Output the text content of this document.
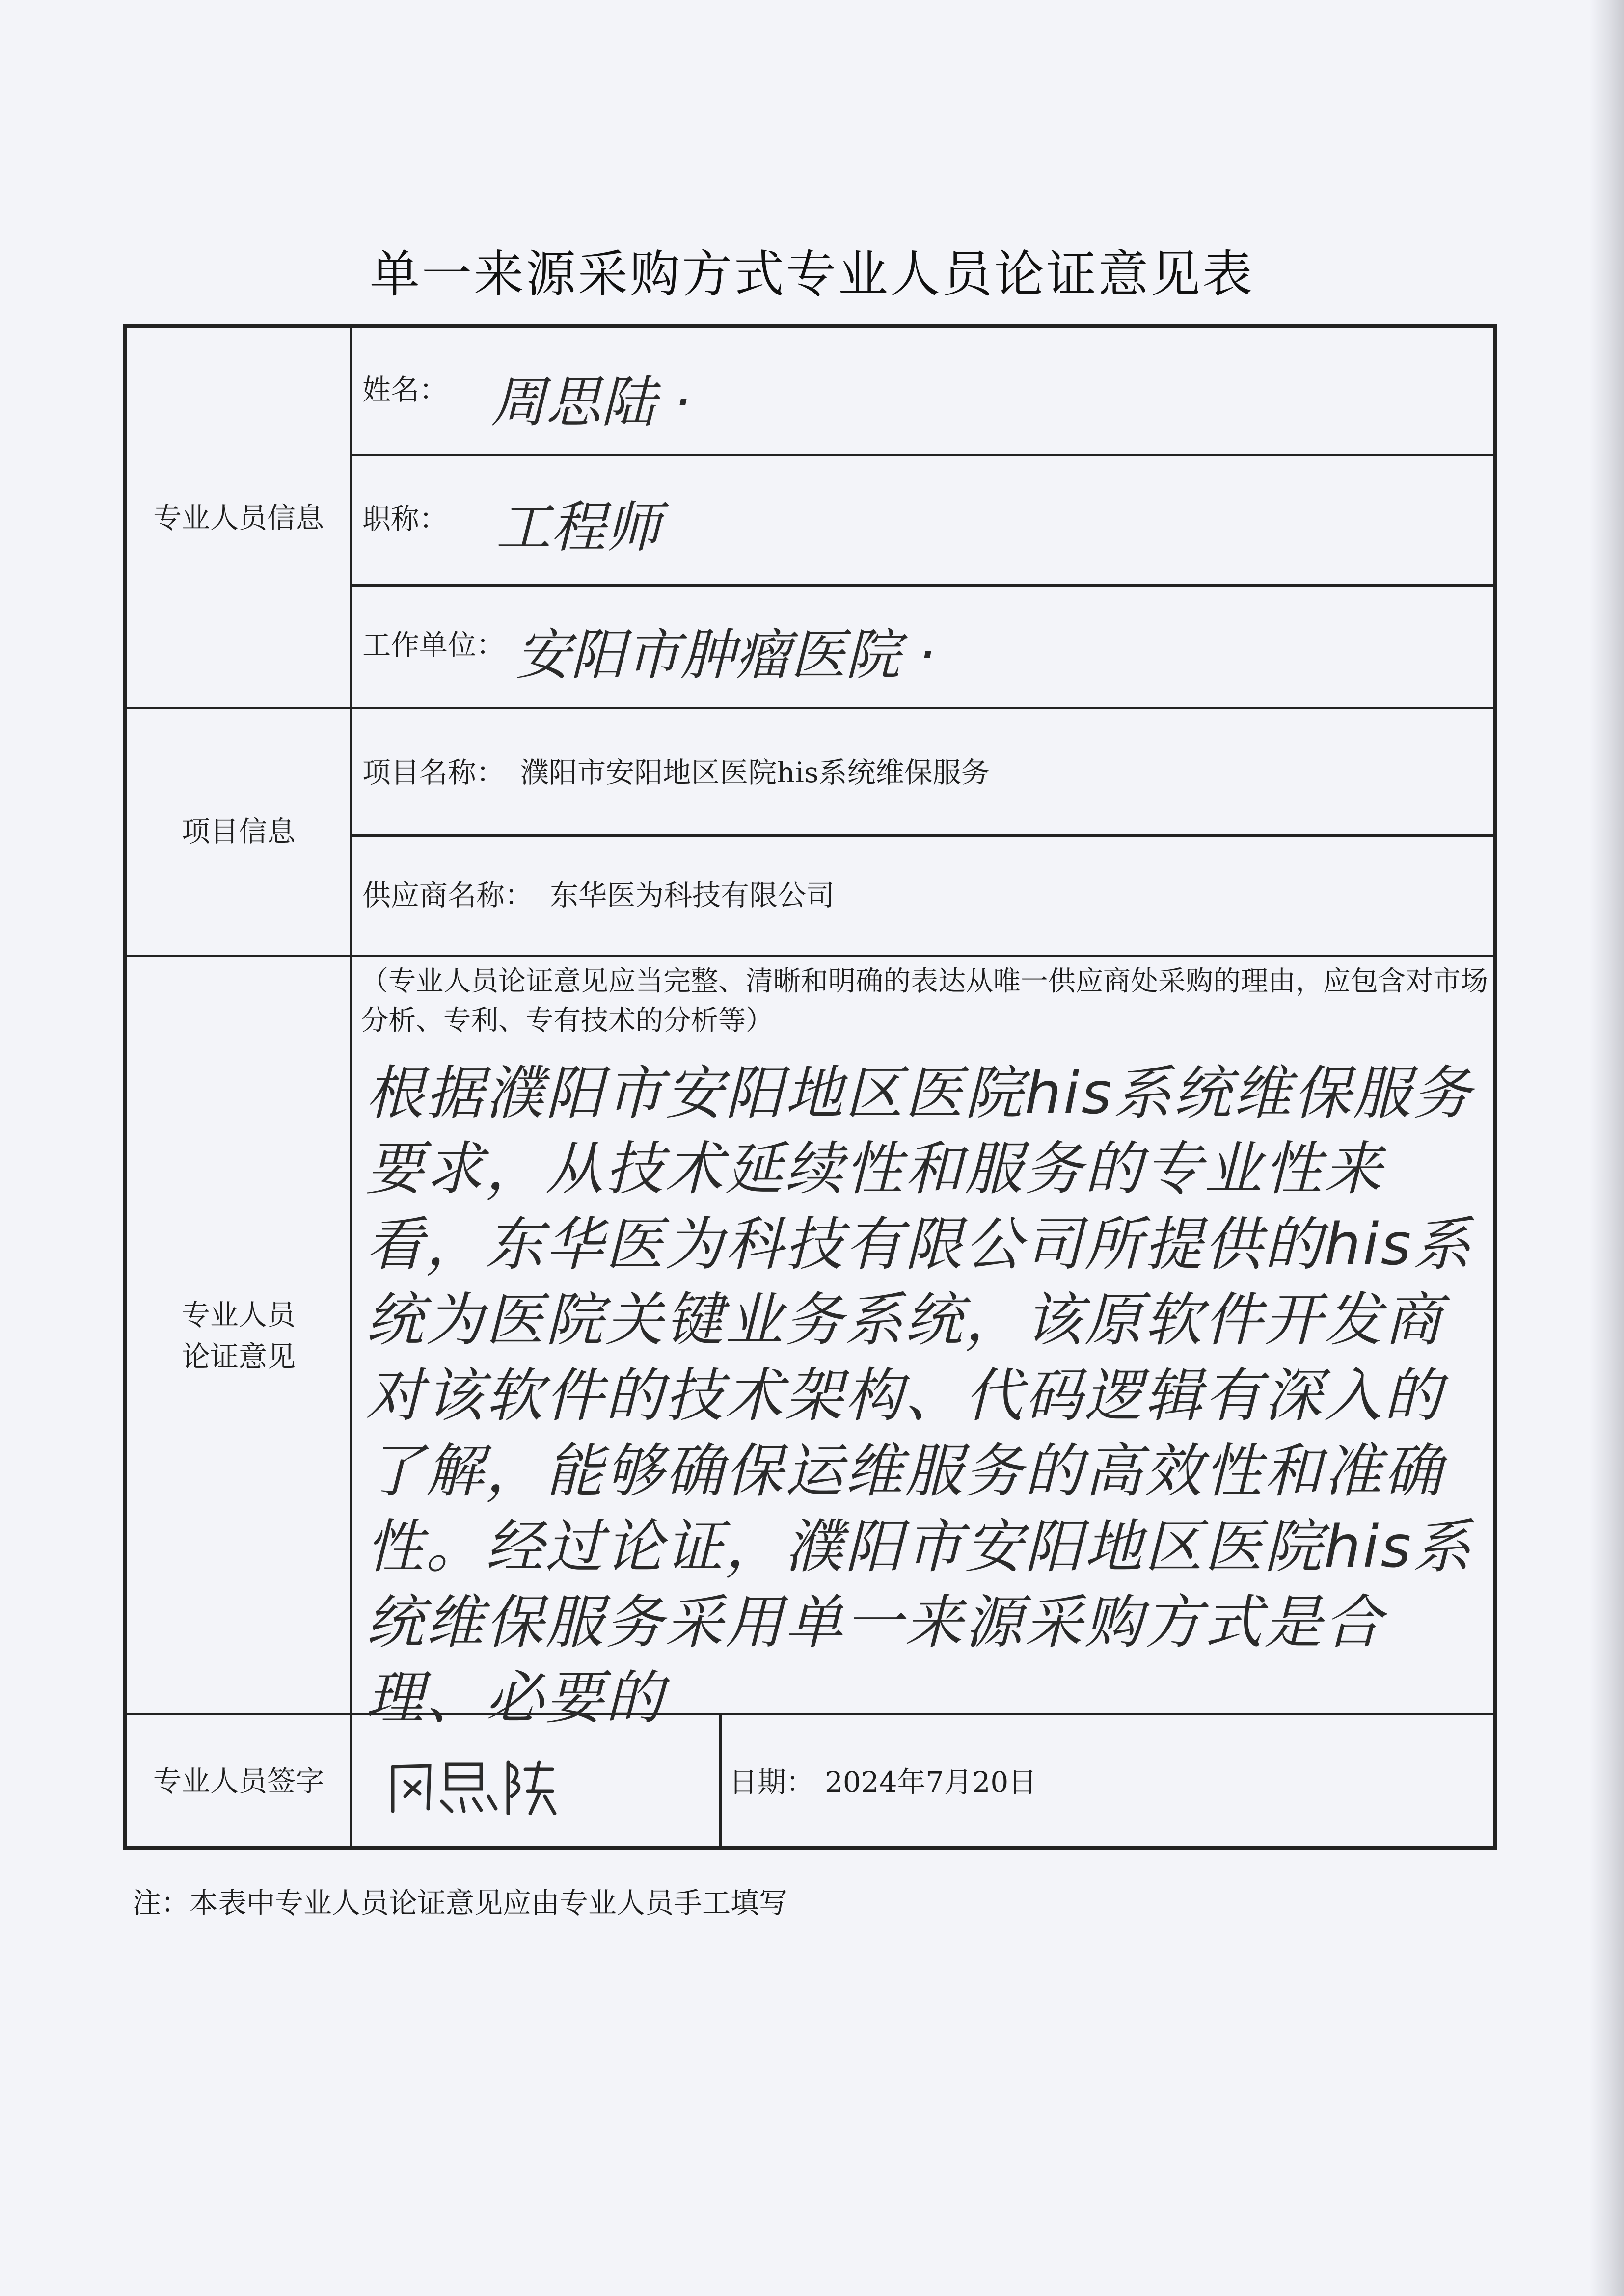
单一来源采购方式专业人员论证意见表
专业人员信息
项目信息
专业人员
论证意见
专业人员签字
姓名： 周思陆 ·
职称： 工程师
工作单位： 安阳市肿瘤医院 ·
项目名称： 濮阳市安阳地区医院his系统维保服务
供应商名称： 东华医为科技有限公司
（专业人员论证意见应当完整、清晰和明确的表达从唯一供应商处采购的理由，应包含对市场分析、专利、专有技术的分析等）
根据濮阳市安阳地区医院his系统维保服务要求，从技术延续性和服务的专业性来看，东华医为科技有限公司所提供的his系统为医院关键业务系统，该原软件开发商对该软件的技术架构、代码逻辑有深入的了解，能够确保运维服务的高效性和准确性。经过论证，濮阳市安阳地区医院his系统维保服务采用单一来源采购方式是合理、必要的
日期： 2024年7月20日
注：本表中专业人员论证意见应由专业人员手工填写
